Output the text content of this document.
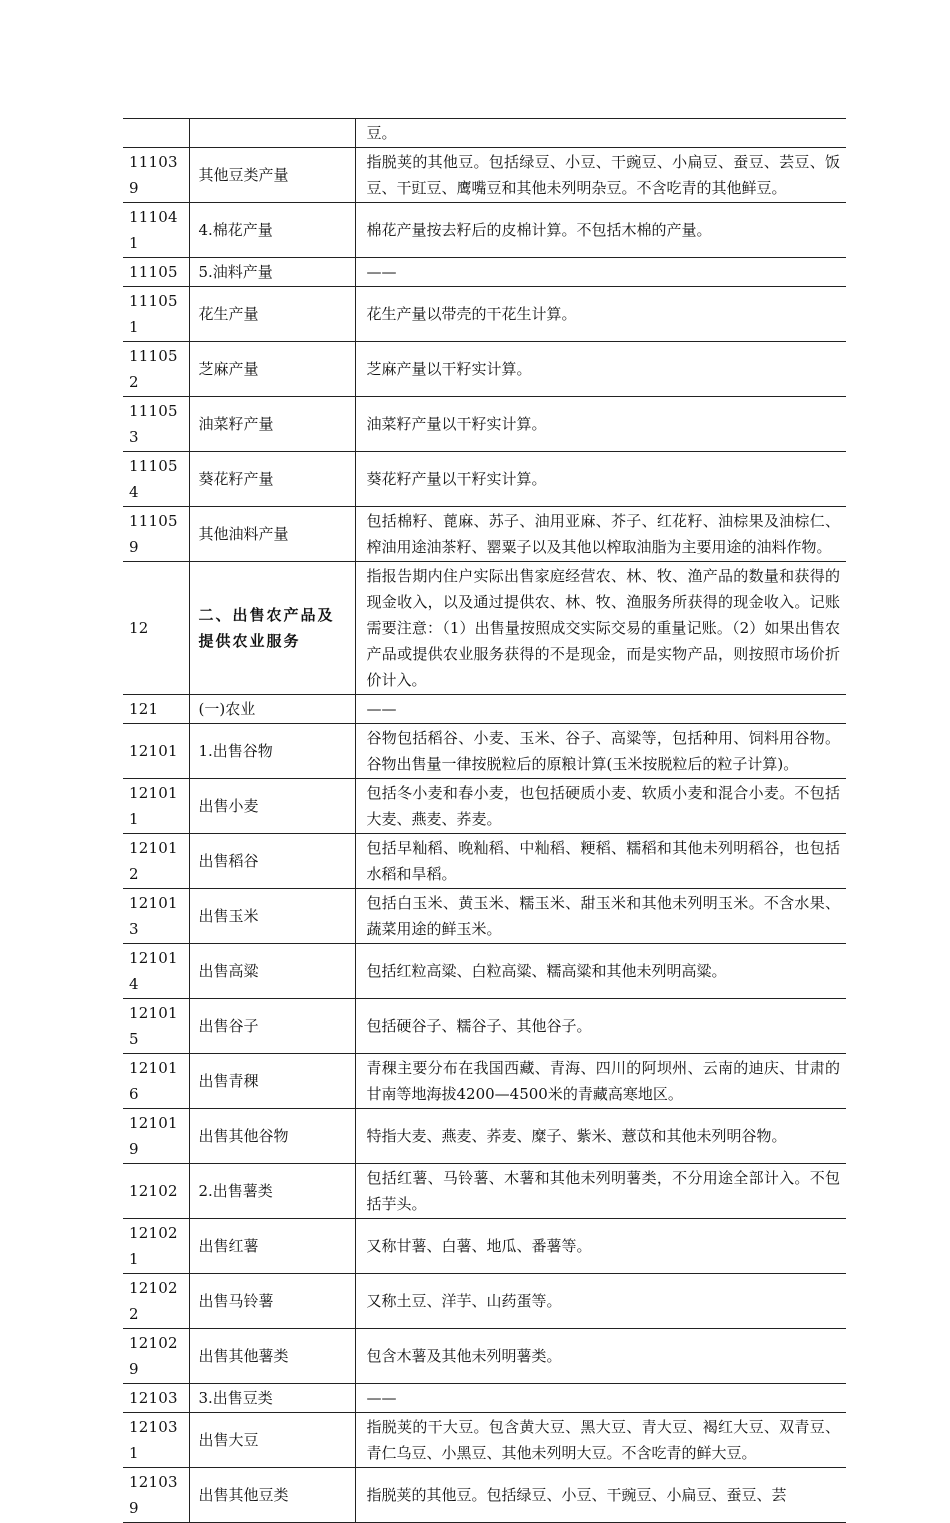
		豆。
111039	其他豆类产量	指脱荚的其他豆。包括绿豆、小豆、干豌豆、小扁豆、蚕豆、芸豆、饭豆、干豇豆、鹰嘴豆和其他未列明杂豆。不含吃青的其他鲜豆。
111041	4.棉花产量	棉花产量按去籽后的皮棉计算。不包括木棉的产量。
11105	5.油料产量	——
111051	花生产量	花生产量以带壳的干花生计算。
111052	芝麻产量	芝麻产量以干籽实计算。
111053	油菜籽产量	油菜籽产量以干籽实计算。
111054	葵花籽产量	葵花籽产量以干籽实计算。
111059	其他油料产量	包括棉籽、蓖麻、苏子、油用亚麻、芥子、红花籽、油棕果及油棕仁、榨油用途油茶籽、罂粟子以及其他以榨取油脂为主要用途的油料作物。
12	二、出售农产品及提供农业服务	指报告期内住户实际出售家庭经营农、林、牧、渔产品的数量和获得的现金收入，以及通过提供农、林、牧、渔服务所获得的现金收入。记账需要注意：（1）出售量按照成交实际交易的重量记账。（2）如果出售农产品或提供农业服务获得的不是现金，而是实物产品，则按照市场价折价计入。
121	(一)农业	——
12101	1.出售谷物	谷物包括稻谷、小麦、玉米、谷子、高粱等，包括种用、饲料用谷物。谷物出售量一律按脱粒后的原粮计算(玉米按脱粒后的粒子计算)。
121011	出售小麦	包括冬小麦和春小麦，也包括硬质小麦、软质小麦和混合小麦。不包括大麦、燕麦、荞麦。
121012	出售稻谷	包括早籼稻、晚籼稻、中籼稻、粳稻、糯稻和其他未列明稻谷，也包括水稻和旱稻。
121013	出售玉米	包括白玉米、黄玉米、糯玉米、甜玉米和其他未列明玉米。不含水果、蔬菜用途的鲜玉米。
121014	出售高粱	包括红粒高粱、白粒高粱、糯高粱和其他未列明高粱。
121015	出售谷子	包括硬谷子、糯谷子、其他谷子。
121016	出售青稞	青稞主要分布在我国西藏、青海、四川的阿坝州、云南的迪庆、甘肃的甘南等地海拔4200—4500米的青藏高寒地区。
121019	出售其他谷物	特指大麦、燕麦、荞麦、糜子、紫米、薏苡和其他未列明谷物。
12102	2.出售薯类	包括红薯、马铃薯、木薯和其他未列明薯类，不分用途全部计入。不包括芋头。
121021	出售红薯	又称甘薯、白薯、地瓜、番薯等。
121022	出售马铃薯	又称土豆、洋芋、山药蛋等。
121029	出售其他薯类	包含木薯及其他未列明薯类。
12103	3.出售豆类	——
121031	出售大豆	指脱荚的干大豆。包含黄大豆、黑大豆、青大豆、褐红大豆、双青豆、青仁乌豆、小黑豆、其他未列明大豆。不含吃青的鲜大豆。
121039	出售其他豆类	指脱荚的其他豆。包括绿豆、小豆、干豌豆、小扁豆、蚕豆、芸
